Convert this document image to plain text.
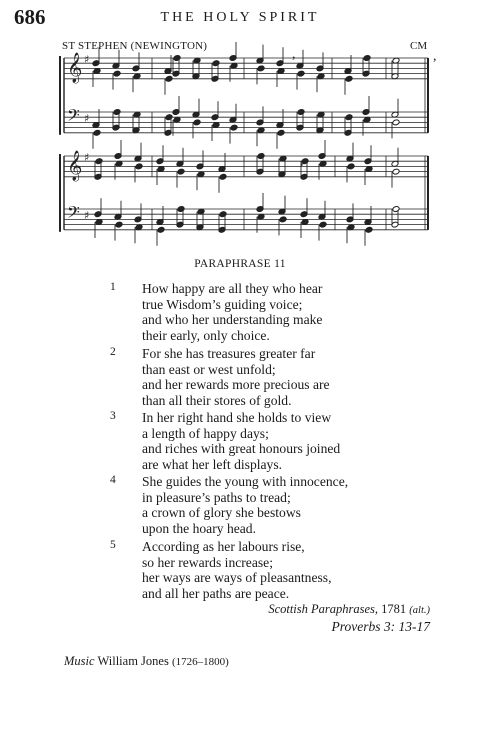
686	THE HOLY SPIRIT
ST STEPHEN (NEWINGTON)	CM
𝄞 ♯
𝄢 ♯
𝄞 ♯
𝄢 ♯
,	,
,
PARAPHRASE 11
1	How happy are all they who hear
true Wisdom’s guiding voice;
and who her understanding make
their early, only choice.
2	For she has treasures greater far
than east or west unfold;
and her rewards more precious are
than all their stores of gold.
3	In her right hand she holds to view
a length of happy days;
and riches with great honours joined
are what her left displays.
4	She guides the young with innocence,
in pleasure’s paths to tread;
a crown of glory she bestows
upon the hoary head.
5	According as her labours rise,
so her rewards increase;
her ways are ways of pleasantness,
and all her paths are peace.
Scottish Paraphrases, 1781 (alt.)
Proverbs 3: 13-17
Music William Jones (1726–1800)
